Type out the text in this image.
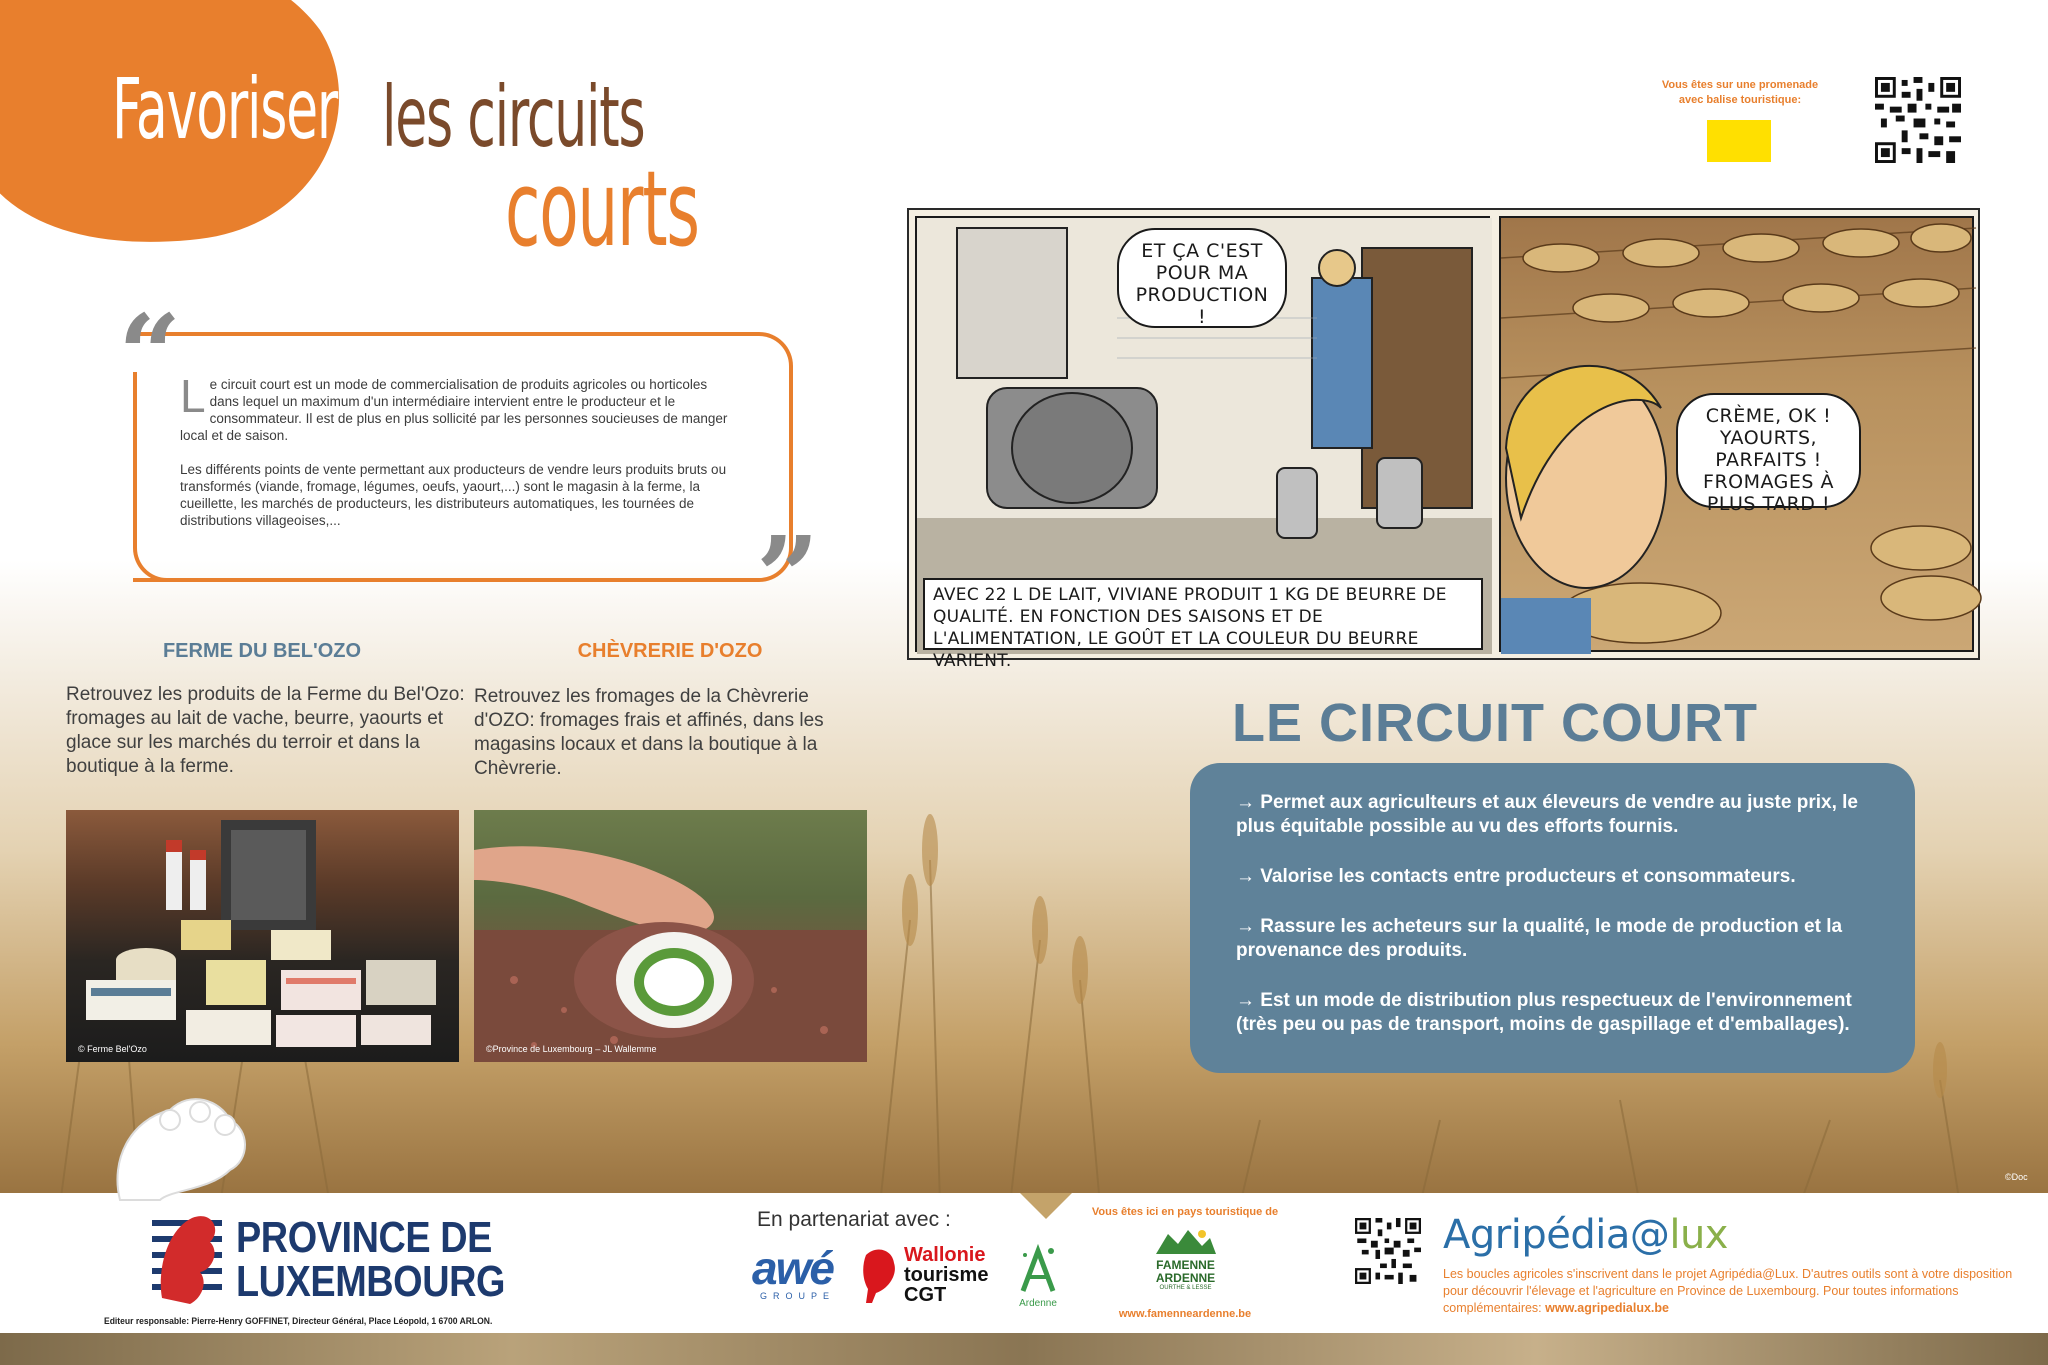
Favoriser les circuits
courts
Vous êtes sur une promenade
avec balise touristique:
“
”

Le circuit court est un mode de commercialisation de produits agricoles ou horticoles dans lequel un maximum d'un intermédiaire intervient entre le producteur et le consommateur. Il est de plus en plus sollicité par les personnes soucieuses de manger local et de saison.

Les différents points de vente permettant aux producteurs de vendre leurs produits bruts ou transformés (viande, fromage, légumes, oeufs, yaourt,...) sont le magasin à la ferme, la cueillette, les marchés de producteurs, les distributeurs automatiques, les tournées de distributions villageoises,...

FERME DU BEL'OZO	CHÈVRERIE D'OZO
Retrouvez les produits de la Ferme du Bel'Ozo: fromages au lait de vache, beurre, yaourts et glace sur les marchés du terroir et dans la boutique à la ferme.
Retrouvez les fromages de la Chèvrerie d'OZO: fromages frais et affinés, dans les magasins locaux et dans la boutique à la Chèvrerie.
© Ferme Bel'Ozo	©Province de Luxembourg – JL Wallemme
ET ÇA C'EST POUR MA PRODUCTION !
AVEC 22 L DE LAIT, VIVIANE PRODUIT 1 KG DE BEURRE DE QUALITÉ. EN FONCTION DES SAISONS ET DE L'ALIMENTATION, LE GOÛT ET LA COULEUR DU BEURRE VARIENT.
CRÈME, OK ! YAOURTS, PARFAITS ! FROMAGES À PLUS TARD !
LE CIRCUIT COURT

→ Permet aux agriculteurs et aux éleveurs de vendre au juste prix, le plus équitable possible au vu des efforts fournis.

→ Valorise les contacts entre producteurs et consommateurs.

→ Rassure les acheteurs sur la qualité, le mode de production et la provenance des produits.

→ Est un mode de distribution plus respectueux de l'environnement (très peu ou pas de transport, moins de gaspillage et d'emballages).

©Doc
PROVINCE DE
LUXEMBOURG
Editeur responsable: Pierre-Henry GOFFINET, Directeur Général, Place Léopold, 1 6700 ARLON.
En partenariat avec :
awé
GROUPE
Wallonie
tourisme
CGT	Ardenne
Vous êtes ici en pays touristique de
FAMENNE
ARDENNE
OURTHE & LESSE
www.famenneardenne.be
Agripédia@lux
Les boucles agricoles s'inscrivent dans le projet Agripédia@Lux. D'autres outils sont à votre disposition pour découvrir l'élevage et l'agriculture en Province de Luxembourg. Pour toutes informations complémentaires: www.agripedialux.be
